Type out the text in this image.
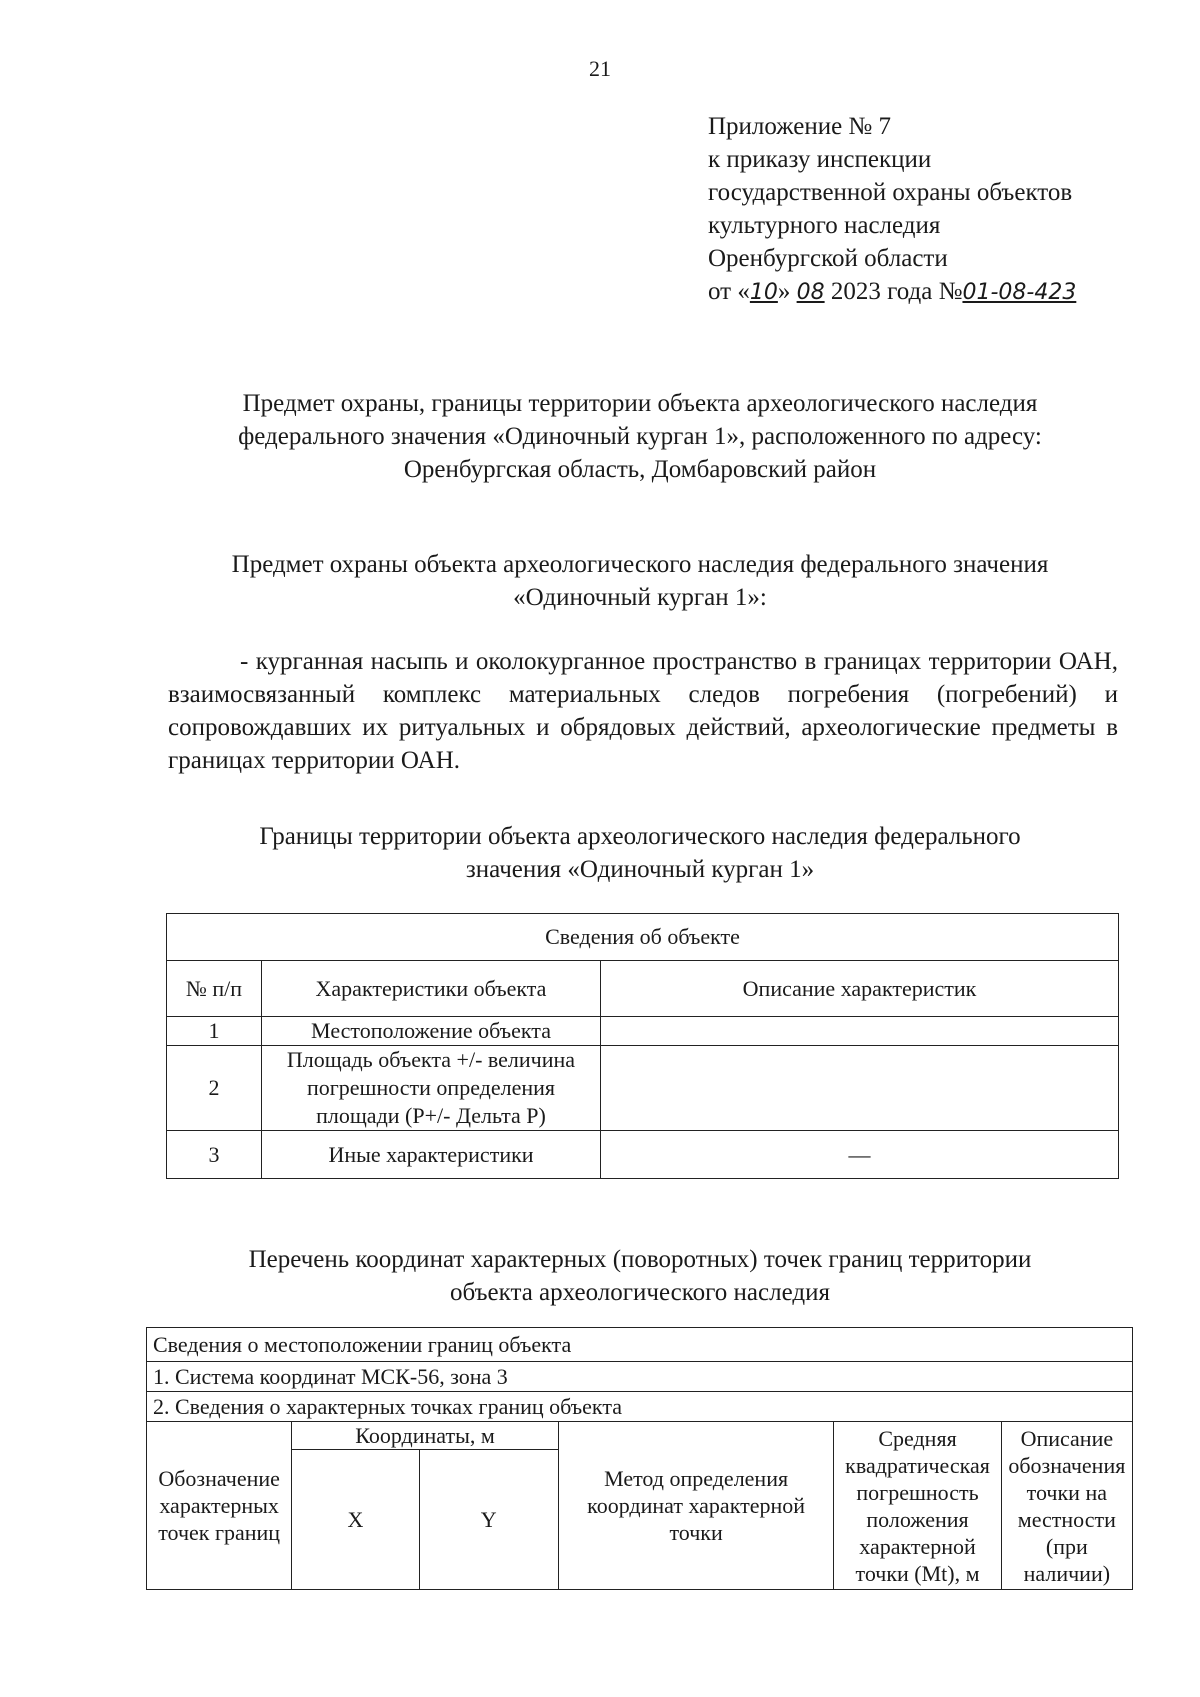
21
Приложение № 7
к приказу инспекции
государственной охраны объектов
культурного наследия
Оренбургской области
от «10» 08 2023 года №01-08-423
Предмет охраны, границы территории объекта археологического наследия
федерального значения «Одиночный курган 1», расположенного по адресу:
Оренбургская область, Домбаровский район
Предмет охраны объекта археологического наследия федерального значения
«Одиночный курган 1»:
- курганная насыпь и околокурганное пространство в границах территории ОАН, взаимосвязанный комплекс материальных следов погребения (погребений) и сопровождавших их ритуальных и обрядовых действий, археологические предметы в границах территории ОАН.
Границы территории объекта археологического наследия федерального
значения «Одиночный курган 1»
Сведения об объекте		
№ п/п	Характеристики объекта	Описание характеристик
1	Местоположение объекта	
2	Площадь объекта +/- величина погрешности определения площади (Р+/- Дельта Р)	
3	Иные характеристики	—
Перечень координат характерных (поворотных) точек границ территории
объекта археологического наследия
Сведения о местоположении границ объекта					
1. Система координат МСК-56, зона 3					
2. Сведения о характерных точках границ объекта					
Обозначение характерных точек границ	Координаты, м		Метод определения координат характерной точки	Средняя квадратическая погрешность положения характерной точки (Mt), м	Описание обозначения точки на местности (при наличии)
	X	Y			
